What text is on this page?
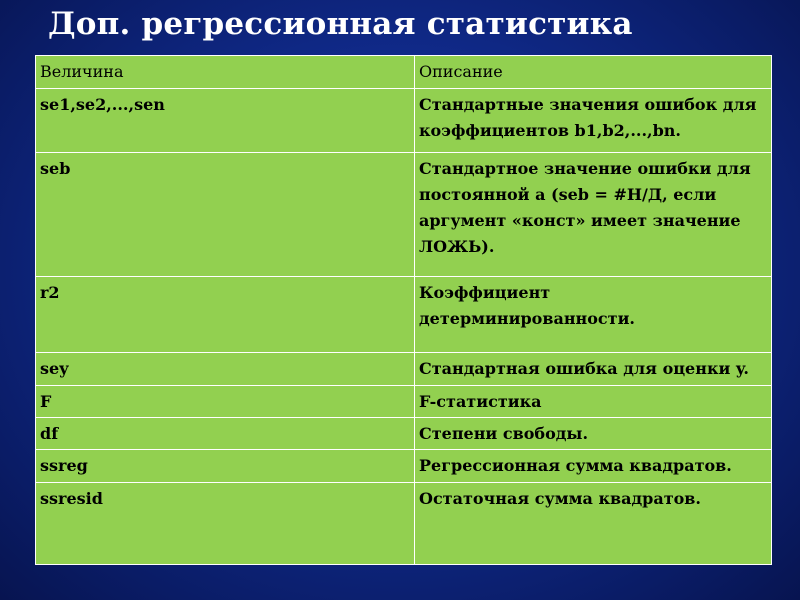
Доп. регрессионная статистика
Величина	Описание
se1,se2,...,sen	Стандартные значения ошибок для коэффициентов b1,b2,...,bn.
seb	Стандартное значение ошибки для постоянной a (seb = #Н/Д, если аргумент «конст» имеет значение ЛОЖЬ).
r2	Коэффициент детерминированности.
sey	Стандартная ошибка для оценки y.
F	F-статистика
df	Степени свободы.
ssreg	Регрессионная сумма квадратов.
ssresid	Остаточная сумма квадратов.
